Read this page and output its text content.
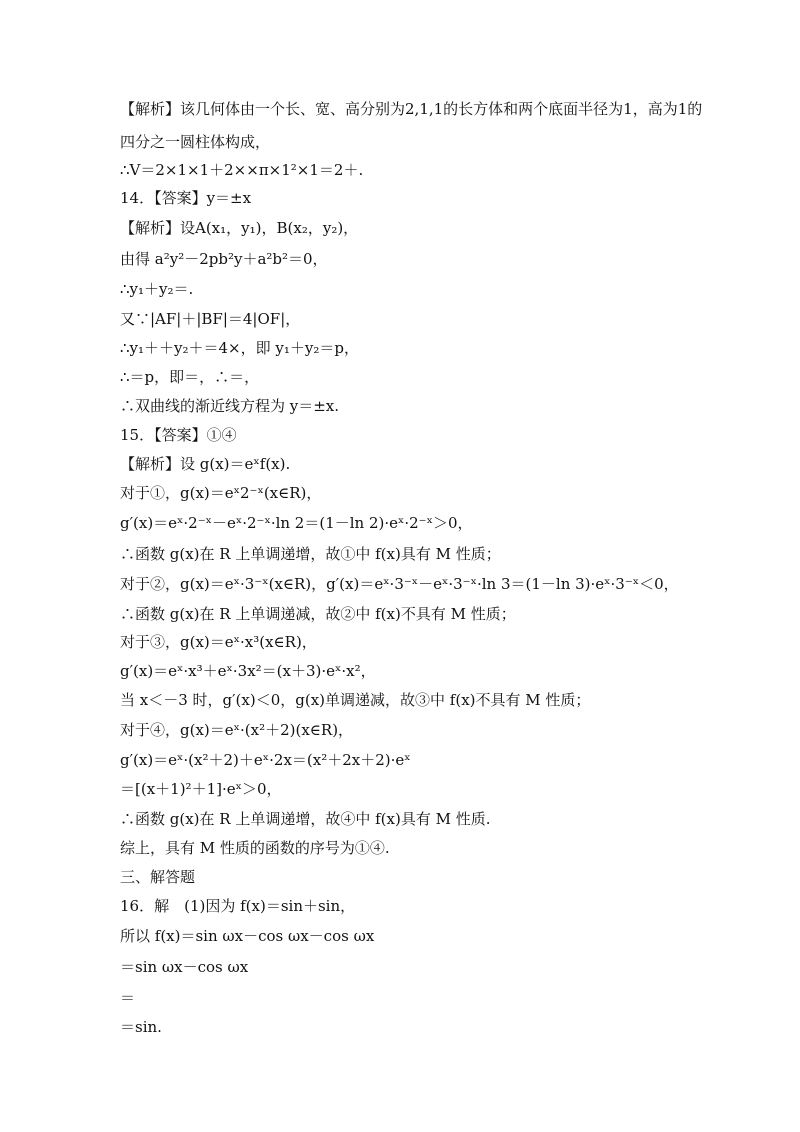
【解析】该几何体由一个长、宽、高分别为2,1,1的长方体和两个底面半径为1，高为1的
四分之一圆柱体构成，
∴V＝2×1×1＋2××π×1²×1＝2＋.
14．【答案】y＝±x
【解析】设A(x₁，y₁)，B(x₂，y₂)，
由得 a²y²－2pb²y＋a²b²＝0，
∴y₁＋y₂＝.
又∵|AF|＋|BF|＝4|OF|，
∴y₁＋＋y₂＋＝4×，即 y₁＋y₂＝p，
∴＝p，即＝，∴＝，
∴双曲线的渐近线方程为 y＝±x.
15．【答案】①④
【解析】设 g(x)＝eˣf(x).
对于①，g(x)＝eˣ2⁻ˣ(x∈R)，
g′(x)＝eˣ·2⁻ˣ－eˣ·2⁻ˣ·ln 2＝(1－ln 2)·eˣ·2⁻ˣ＞0，
∴函数 g(x)在 R 上单调递增，故①中 f(x)具有 M 性质；
对于②，g(x)＝eˣ·3⁻ˣ(x∈R)，g′(x)＝eˣ·3⁻ˣ－eˣ·3⁻ˣ·ln 3＝(1－ln 3)·eˣ·3⁻ˣ＜0，
∴函数 g(x)在 R 上单调递减，故②中 f(x)不具有 M 性质；
对于③，g(x)＝eˣ·x³(x∈R)，
g′(x)＝eˣ·x³＋eˣ·3x²＝(x＋3)·eˣ·x²，
当 x＜－3 时，g′(x)＜0，g(x)单调递减，故③中 f(x)不具有 M 性质；
对于④，g(x)＝eˣ·(x²＋2)(x∈R)，
g′(x)＝eˣ·(x²＋2)＋eˣ·2x＝(x²＋2x＋2)·eˣ
＝[(x＋1)²＋1]·eˣ＞0，
∴函数 g(x)在 R 上单调递增，故④中 f(x)具有 M 性质.
综上，具有 M 性质的函数的序号为①④.
三、解答题
16．解　(1)因为 f(x)＝sin＋sin，
所以 f(x)＝sin ωx－cos ωx－cos ωx
＝sin ωx－cos ωx
＝
＝sin.
